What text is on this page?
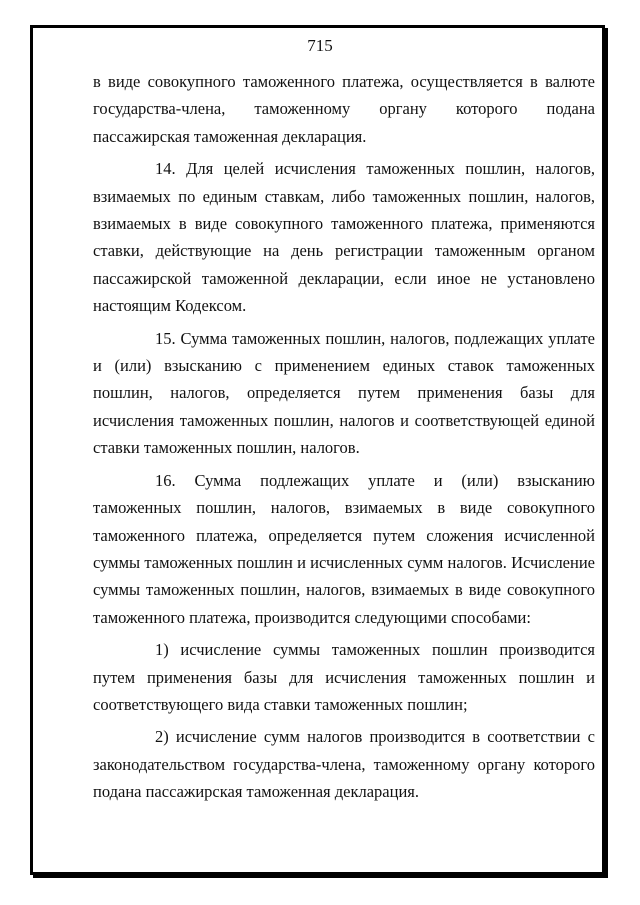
715

в виде совокупного таможенного платежа, осуществляется в валюте государства-члена, таможенному органу которого подана пассажирская таможенная декларация.

14. Для целей исчисления таможенных пошлин, налогов, взимаемых по единым ставкам, либо таможенных пошлин, налогов, взимаемых в виде совокупного таможенного платежа, применяются ставки, действующие на день регистрации таможенным органом пассажирской таможенной декларации, если иное не установлено настоящим Кодексом.

15. Сумма таможенных пошлин, налогов, подлежащих уплате и (или) взысканию с применением единых ставок таможенных пошлин, налогов, определяется путем применения базы для исчисления таможенных пошлин, налогов и соответствующей единой ставки таможенных пошлин, налогов.

16. Сумма подлежащих уплате и (или) взысканию таможенных пошлин, налогов, взимаемых в виде совокупного таможенного платежа, определяется путем сложения исчисленной суммы таможенных пошлин и исчисленных сумм налогов. Исчисление суммы таможенных пошлин, налогов, взимаемых в виде совокупного таможенного платежа, производится следующими способами:

1) исчисление суммы таможенных пошлин производится путем применения базы для исчисления таможенных пошлин и соответствующего вида ставки таможенных пошлин;

2) исчисление сумм налогов производится в соответствии с законодательством государства-члена, таможенному органу которого подана пассажирская таможенная декларация.
